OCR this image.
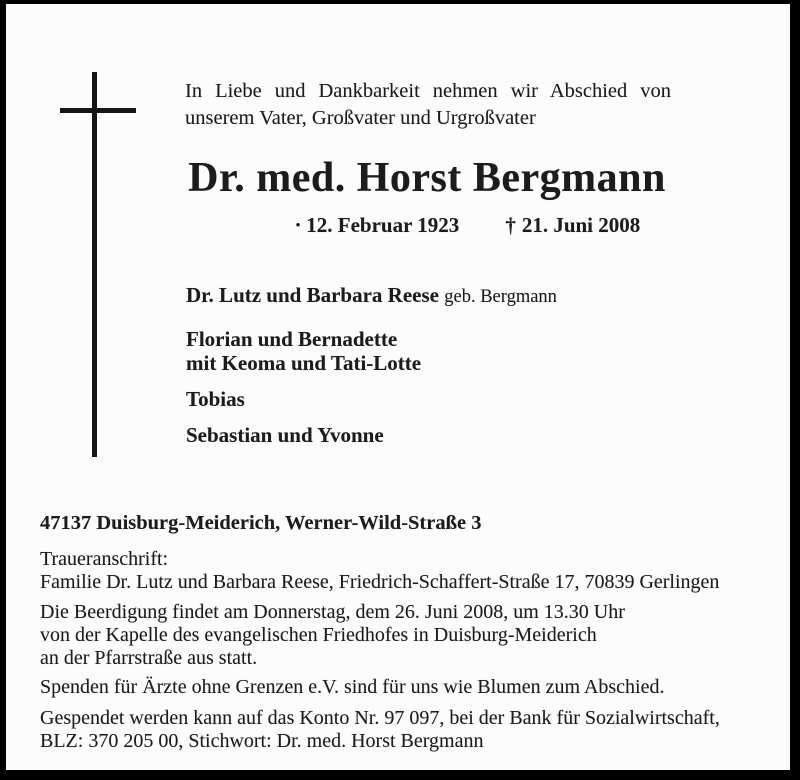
In Liebe und Dankbarkeit nehmen wir Abschied von
unserem Vater, Großvater und Urgroßvater
Dr. med. Horst Bergmann
• 12. Februar 1923 † 21. Juni 2008
Dr. Lutz und Barbara Reese geb. Bergmann
Florian und Bernadette
mit Keoma und Tati-Lotte
Tobias
Sebastian und Yvonne
47137 Duisburg-Meiderich, Werner-Wild-Straße 3
Traueranschrift:
Familie Dr. Lutz und Barbara Reese, Friedrich-Schaffert-Straße 17, 70839 Gerlingen
Die Beerdigung findet am Donnerstag, dem 26. Juni 2008, um 13.30 Uhr
von der Kapelle des evangelischen Friedhofes in Duisburg-Meiderich
an der Pfarrstraße aus statt.
Spenden für Ärzte ohne Grenzen e.V. sind für uns wie Blumen zum Abschied.
Gespendet werden kann auf das Konto Nr. 97 097, bei der Bank für Sozialwirtschaft,
BLZ: 370 205 00, Stichwort: Dr. med. Horst Bergmann
